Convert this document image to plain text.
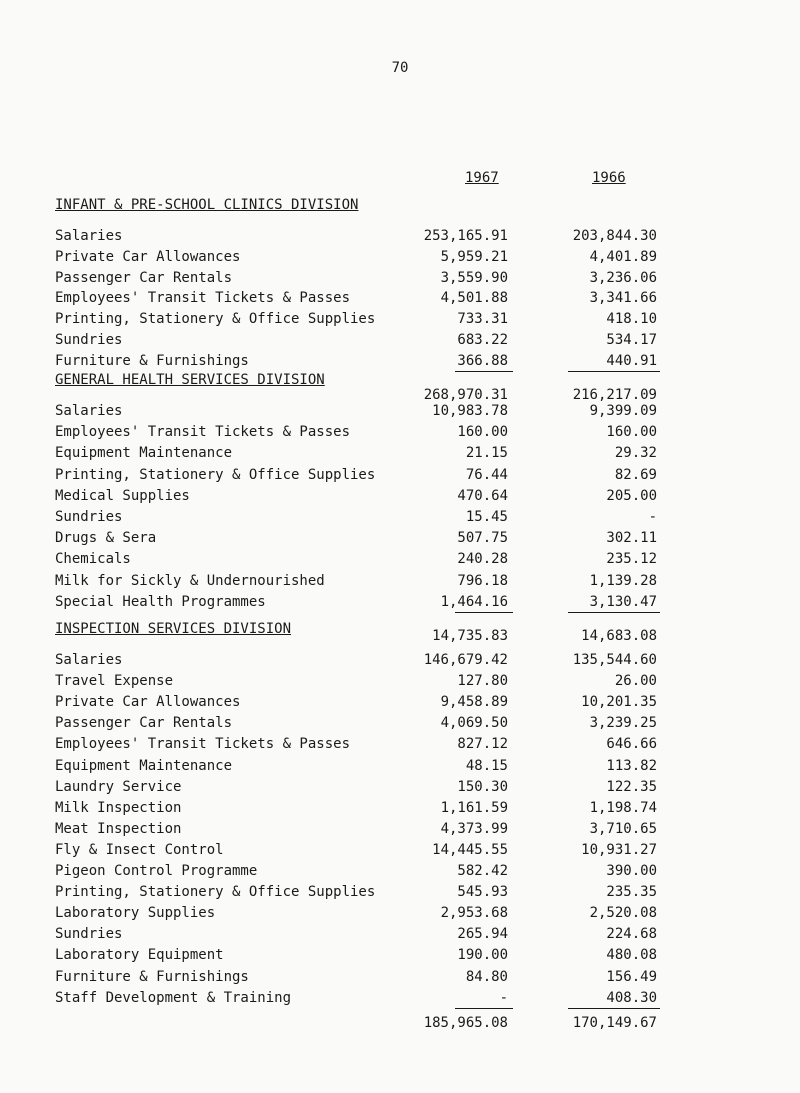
70
1967	1966
INFANT & PRE-SCHOOL CLINICS DIVISION
Salaries	253,165.91	203,844.30
Private Car Allowances	5,959.21	4,401.89
Passenger Car Rentals	3,559.90	3,236.06
Employees' Transit Tickets & Passes	4,501.88	3,341.66
Printing, Stationery & Office Supplies	733.31	418.10
Sundries	683.22	534.17
Furniture & Furnishings	366.88	440.91
268,970.31	216,217.09
GENERAL HEALTH SERVICES DIVISION
Salaries	10,983.78	9,399.09
Employees' Transit Tickets & Passes	160.00	160.00
Equipment Maintenance	21.15	29.32
Printing, Stationery & Office Supplies	76.44	82.69
Medical Supplies	470.64	205.00
Sundries	15.45	-
Drugs & Sera	507.75	302.11
Chemicals	240.28	235.12
Milk for Sickly & Undernourished	796.18	1,139.28
Special Health Programmes	1,464.16	3,130.47
14,735.83	14,683.08
INSPECTION SERVICES DIVISION
Salaries	146,679.42	135,544.60
Travel Expense	127.80	26.00
Private Car Allowances	9,458.89	10,201.35
Passenger Car Rentals	4,069.50	3,239.25
Employees' Transit Tickets & Passes	827.12	646.66
Equipment Maintenance	48.15	113.82
Laundry Service	150.30	122.35
Milk Inspection	1,161.59	1,198.74
Meat Inspection	4,373.99	3,710.65
Fly & Insect Control	14,445.55	10,931.27
Pigeon Control Programme	582.42	390.00
Printing, Stationery & Office Supplies	545.93	235.35
Laboratory Supplies	2,953.68	2,520.08
Sundries	265.94	224.68
Laboratory Equipment	190.00	480.08
Furniture & Furnishings	84.80	156.49
Staff Development & Training	-	408.30
185,965.08	170,149.67
